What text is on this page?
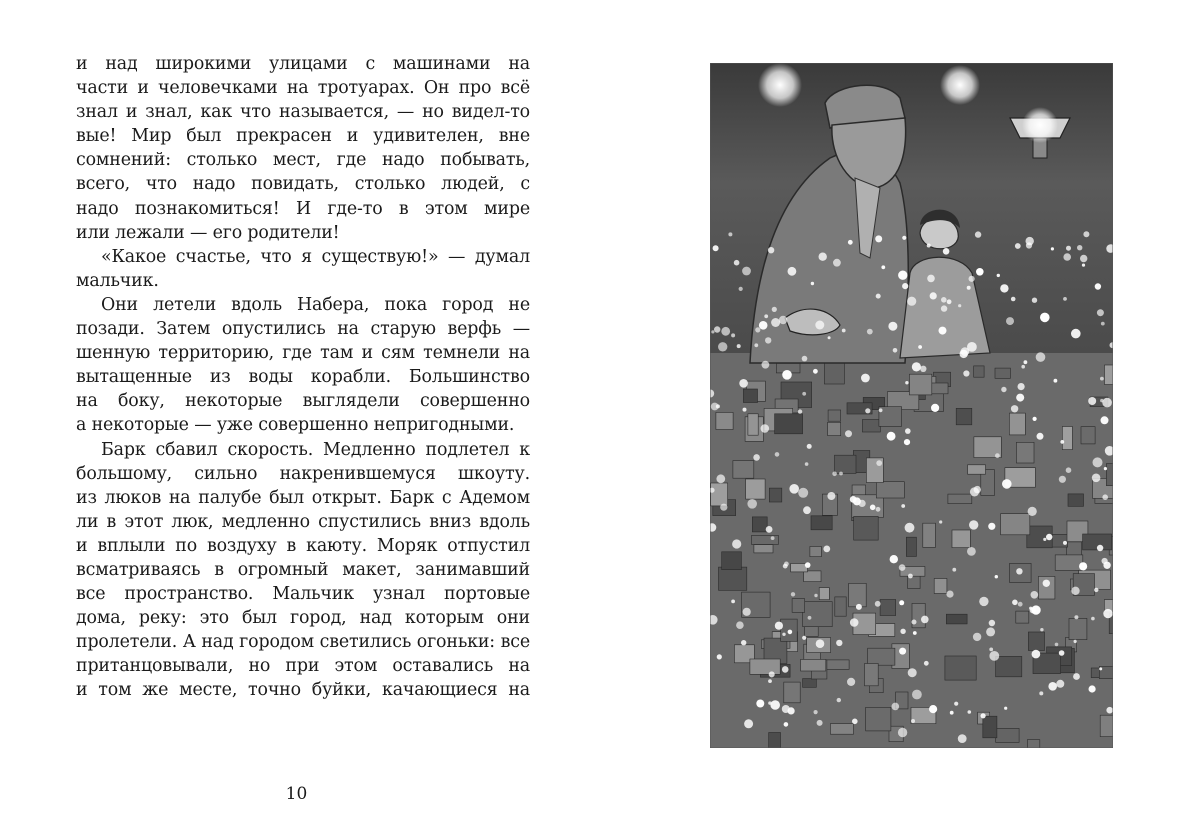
и над широкими улицами с машинами на
части и человечками на тротуарах. Он про всё
знал и знал, как что называется, — но видел-то
вые! Мир был прекрасен и удивителен, вне
сомнений: столько мест, где надо побывать,
всего, что надо повидать, столько людей, с
надо познакомиться! И где-то в этом мире
или лежали — его родители!
«Какое счастье, что я существую!» — думал
мальчик.
Они летели вдоль Набера, пока город не
позади. Затем опустились на старую верфь —
шенную территорию, где там и сям темнели на
вытащенные из воды корабли. Большинство
на боку, некоторые выглядели совершенно
а некоторые — уже совершенно непригодными.
Барк сбавил скорость. Медленно подлетел к
большому, сильно накренившемуся шкоуту.
из люков на палубе был открыт. Барк с Адемом
ли в этот люк, медленно спустились вниз вдоль
и вплыли по воздуху в каюту. Моряк отпустил
всматриваясь в огромный макет, занимавший
все пространство. Мальчик узнал портовые
дома, реку: это был город, над которым они
пролетели. А над городом светились огоньки: все
пританцовывали, но при этом оставались на
и том же месте, точно буйки, качающиеся на
10
